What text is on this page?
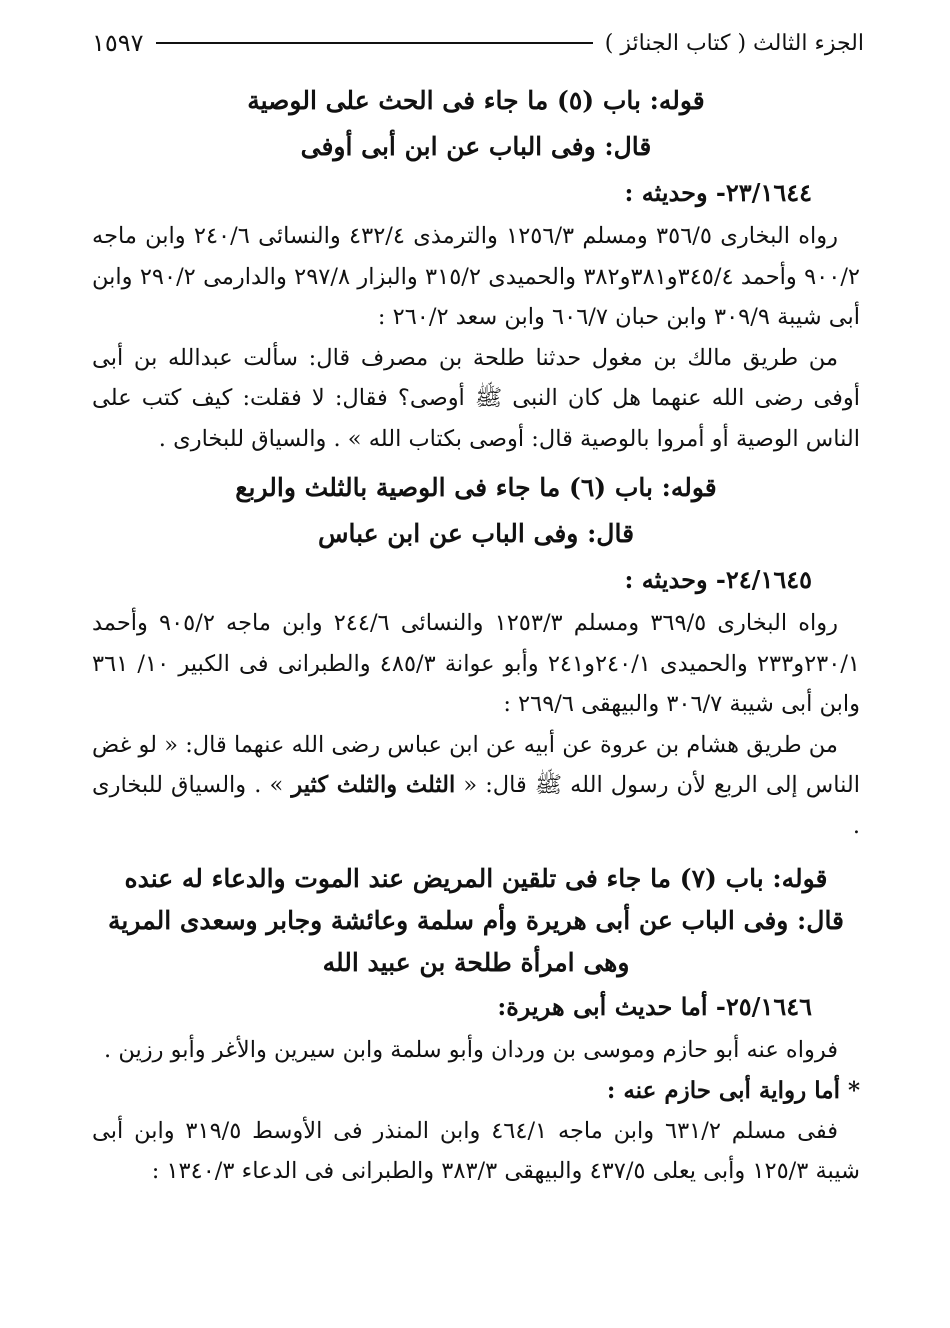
الجزء الثالث ( كتاب الجنائز )
١٥٩٧

قوله: باب (٥) ما جاء فى الحث على الوصية

قال: وفى الباب عن ابن أبى أوفى

٢٣/١٦٤٤- وحديثه :

رواه البخارى ٣٥٦/٥ ومسلم ١٢٥٦/٣ والترمذى ٤٣٢/٤ والنسائى ٢٤٠/٦ وابن ماجه ٩٠٠/٢ وأحمد ٣٤٥/٤و٣٨١و٣٨٢ والحميدى ٣١٥/٢ والبزار ٢٩٧/٨ والدارمى ٢٩٠/٢ وابن أبى شيبة ٣٠٩/٩ وابن حبان ٦٠٦/٧ وابن سعد ٢٦٠/٢ :

من طريق مالك بن مغول حدثنا طلحة بن مصرف قال: سألت عبدالله بن أبى أوفى رضى الله عنهما هل كان النبى ﷺ أوصى؟ فقال: لا فقلت: كيف كتب على الناس الوصية أو أمروا بالوصية قال: أوصى بكتاب الله » . والسياق للبخارى .

قوله: باب (٦) ما جاء فى الوصية بالثلث والربع

قال: وفى الباب عن ابن عباس

٢٤/١٦٤٥- وحديثه :

رواه البخارى ٣٦٩/٥ ومسلم ١٢٥٣/٣ والنسائى ٢٤٤/٦ وابن ماجه ٩٠٥/٢ وأحمد ٢٣٠/١و٢٣٣ والحميدى ٢٤٠/١و٢٤١ وأبو عوانة ٤٨٥/٣ والطبرانى فى الكبير ١٠/ ٣٦١ وابن أبى شيبة ٣٠٦/٧ والبيهقى ٢٦٩/٦ :

من طريق هشام بن عروة عن أبيه عن ابن عباس رضى الله عنهما قال: « لو غض الناس إلى الربع لأن رسول الله ﷺ قال: « الثلث والثلث كثير » . والسياق للبخارى .

قوله: باب (٧) ما جاء فى تلقين المريض عند الموت والدعاء له عنده

قال: وفى الباب عن أبى هريرة وأم سلمة وعائشة وجابر وسعدى المرية وهى امرأة طلحة بن عبيد الله

٢٥/١٦٤٦- أما حديث أبى هريرة:

فرواه عنه أبو حازم وموسى بن وردان وأبو سلمة وابن سيرين والأغر وأبو رزين .

* أما رواية أبى حازم عنه :

ففى مسلم ٦٣١/٢ وابن ماجه ٤٦٤/١ وابن المنذر فى الأوسط ٣١٩/٥ وابن أبى شيبة ١٢٥/٣ وأبى يعلى ٤٣٧/٥ والبيهقى ٣٨٣/٣ والطبرانى فى الدعاء ١٣٤٠/٣ :
